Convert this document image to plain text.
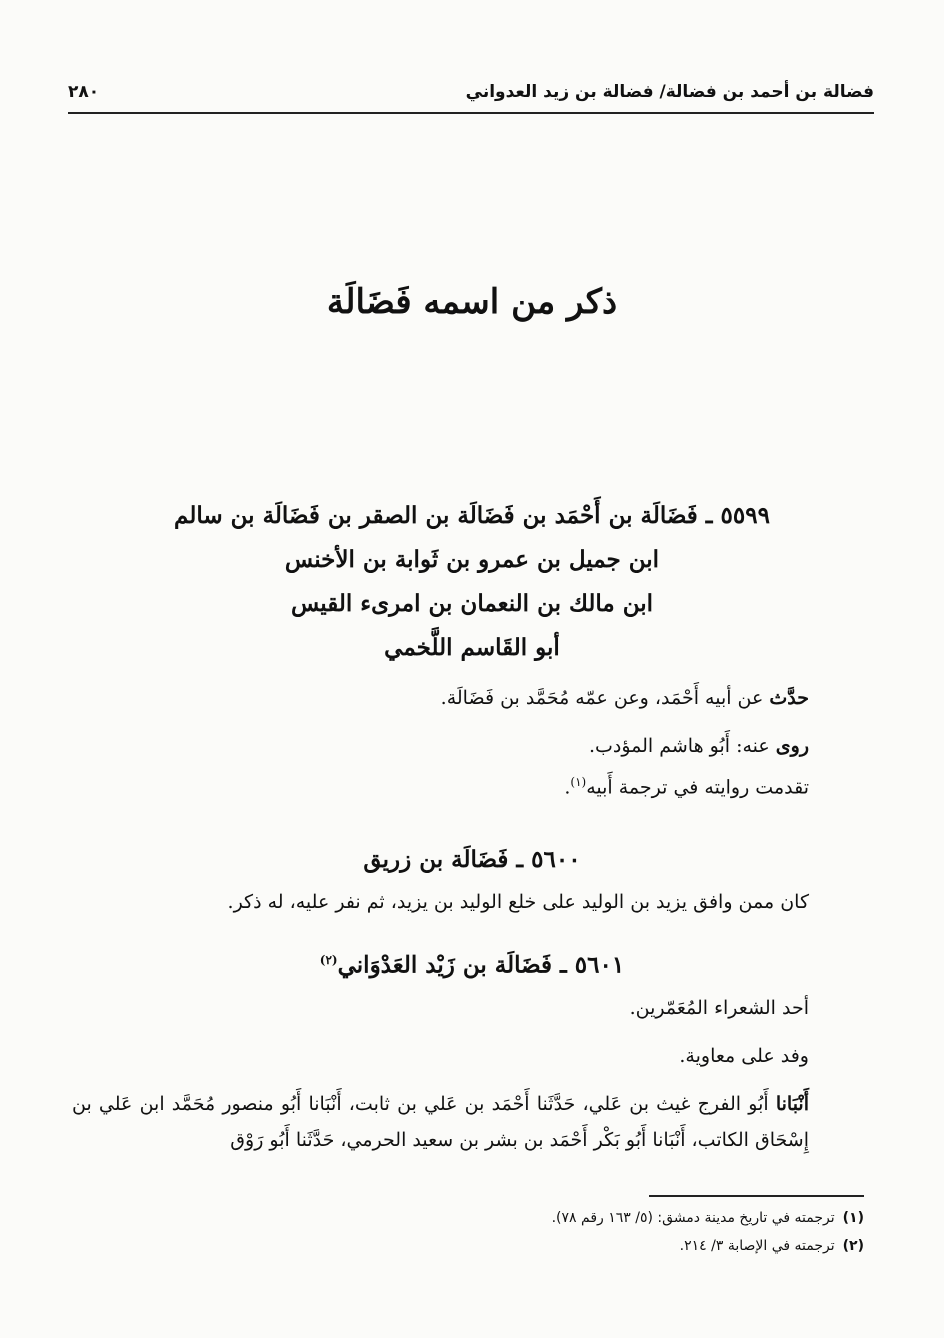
فضالة بن أحمد بن فضالة/ فضالة بن زيد العدواني
٢٨٠
ذكر من اسمه فَضَالَة
٥٥٩٩ ـ فَضَالَة بن أَحْمَد بن فَضَالَة بن الصقر بن فَضَالَة بن سالم
ابن جميل بن عمرو بن ثَوابة بن الأخنس
ابن مالك بن النعمان بن امرىء القيس
أبو القَاسم اللَّخمي

حدَّث عن أبيه أَحْمَد، وعن عمّه مُحَمَّد بن فَضَالَة.

روى عنه: أَبُو هاشم المؤدب.

تقدمت روايته في ترجمة أَبيه$^{(١)}$.

٥٦٠٠ ـ فَضَالَة بن زريق

كان ممن وافق يزيد بن الوليد على خلع الوليد بن يزيد، ثم نفر عليه، له ذكر.

٥٦٠١ ـ فَضَالَة بن زَيْد العَدْوَاني$^{(٢)}$

أحد الشعراء المُعَمّرين.

وفد على معاوية.

أَنْبَانا أَبُو الفرج غيث بن عَلي، حَدَّثَنا أَحْمَد بن عَلي بن ثابت، أَنْبَانا أَبُو منصور مُحَمَّد ابن عَلي بن إِسْحَاق الكاتب، أَنْبَانا أَبُو بَكْر أَحْمَد بن بشر بن سعيد الحرمي، حَدَّثَنا أَبُو رَوْق

(١)ترجمته في تاريخ مدينة دمشق: (٥/ ١٦٣ رقم ٧٨).

(٢)ترجمته في الإصابة ٣/ ٢١٤.
